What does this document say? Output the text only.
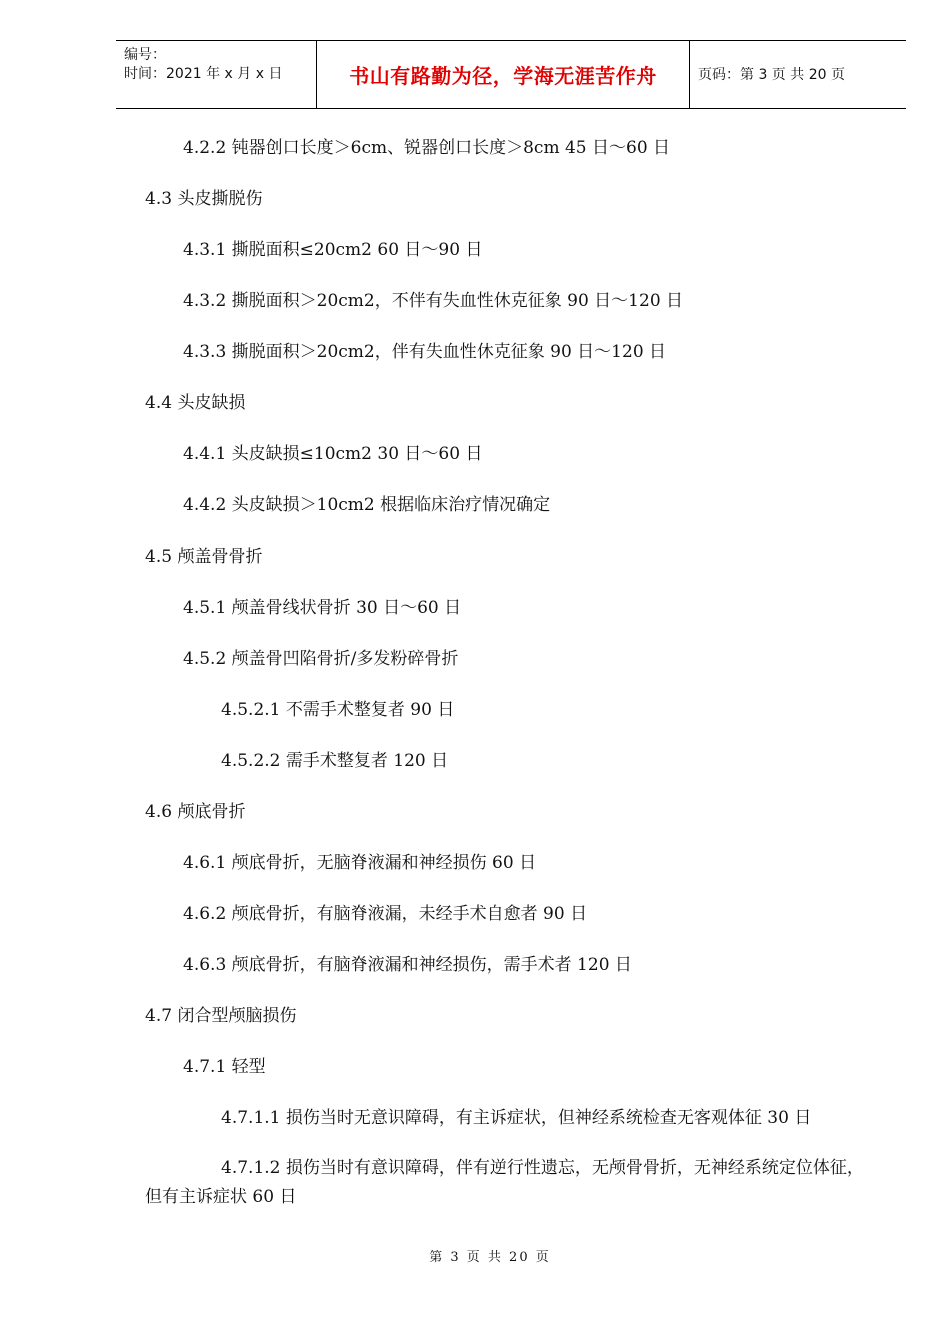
编号：
时间：2021 年 x 月 x 日	书山有路勤为径，学海无涯苦作舟	页码：第 3 页 共 20 页
4.2.2 钝器创口长度＞6cm、锐器创口长度＞8cm 45 日～60 日
4.3 头皮撕脱伤
4.3.1 撕脱面积≤20cm2 60 日～90 日
4.3.2 撕脱面积＞20cm2，不伴有失血性休克征象 90 日～120 日
4.3.3 撕脱面积＞20cm2，伴有失血性休克征象 90 日～120 日
4.4 头皮缺损
4.4.1 头皮缺损≤10cm2 30 日～60 日
4.4.2 头皮缺损＞10cm2 根据临床治疗情况确定
4.5 颅盖骨骨折
4.5.1 颅盖骨线状骨折 30 日～60 日
4.5.2 颅盖骨凹陷骨折/多发粉碎骨折
4.5.2.1 不需手术整复者 90 日
4.5.2.2 需手术整复者 120 日
4.6 颅底骨折
4.6.1 颅底骨折，无脑脊液漏和神经损伤 60 日
4.6.2 颅底骨折，有脑脊液漏，未经手术自愈者 90 日
4.6.3 颅底骨折，有脑脊液漏和神经损伤，需手术者 120 日
4.7 闭合型颅脑损伤
4.7.1 轻型
4.7.1.1 损伤当时无意识障碍，有主诉症状，但神经系统检查无客观体征 30 日
4.7.1.2 损伤当时有意识障碍，伴有逆行性遗忘，无颅骨骨折，无神经系统定位体征，但有主诉症状 60 日
第 3 页 共 20 页
